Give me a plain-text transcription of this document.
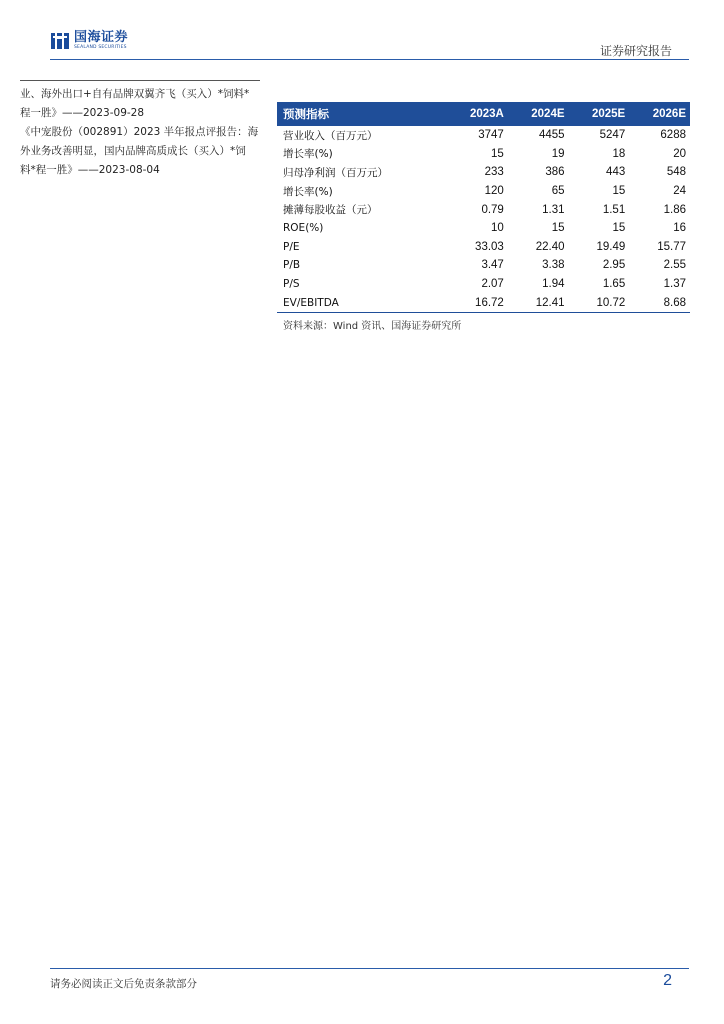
国海证券
SEALAND SECURITIES	证券研究报告
业、海外出口+自有品牌双翼齐飞（买入）*饲料*
程一胜》——2023-09-28
《中宠股份（002891）2023 半年报点评报告：海
外业务改善明显，国内品牌高质成长（买入）*饲
料*程一胜》——2023-08-04
预测指标	2023A	2024E	2025E	2026E
营业收入（百万元）	3747	4455	5247	6288
增长率(%)	15	19	18	20
归母净利润（百万元）	233	386	443	548
增长率(%)	120	65	15	24
摊薄每股收益（元）	0.79	1.31	1.51	1.86
ROE(%)	10	15	15	16
P/E	33.03	22.40	19.49	15.77
P/B	3.47	3.38	2.95	2.55
P/S	2.07	1.94	1.65	1.37
EV/EBITDA	16.72	12.41	10.72	8.68
资料来源：Wind 资讯、国海证券研究所
请务必阅读正文后免责条款部分	2
